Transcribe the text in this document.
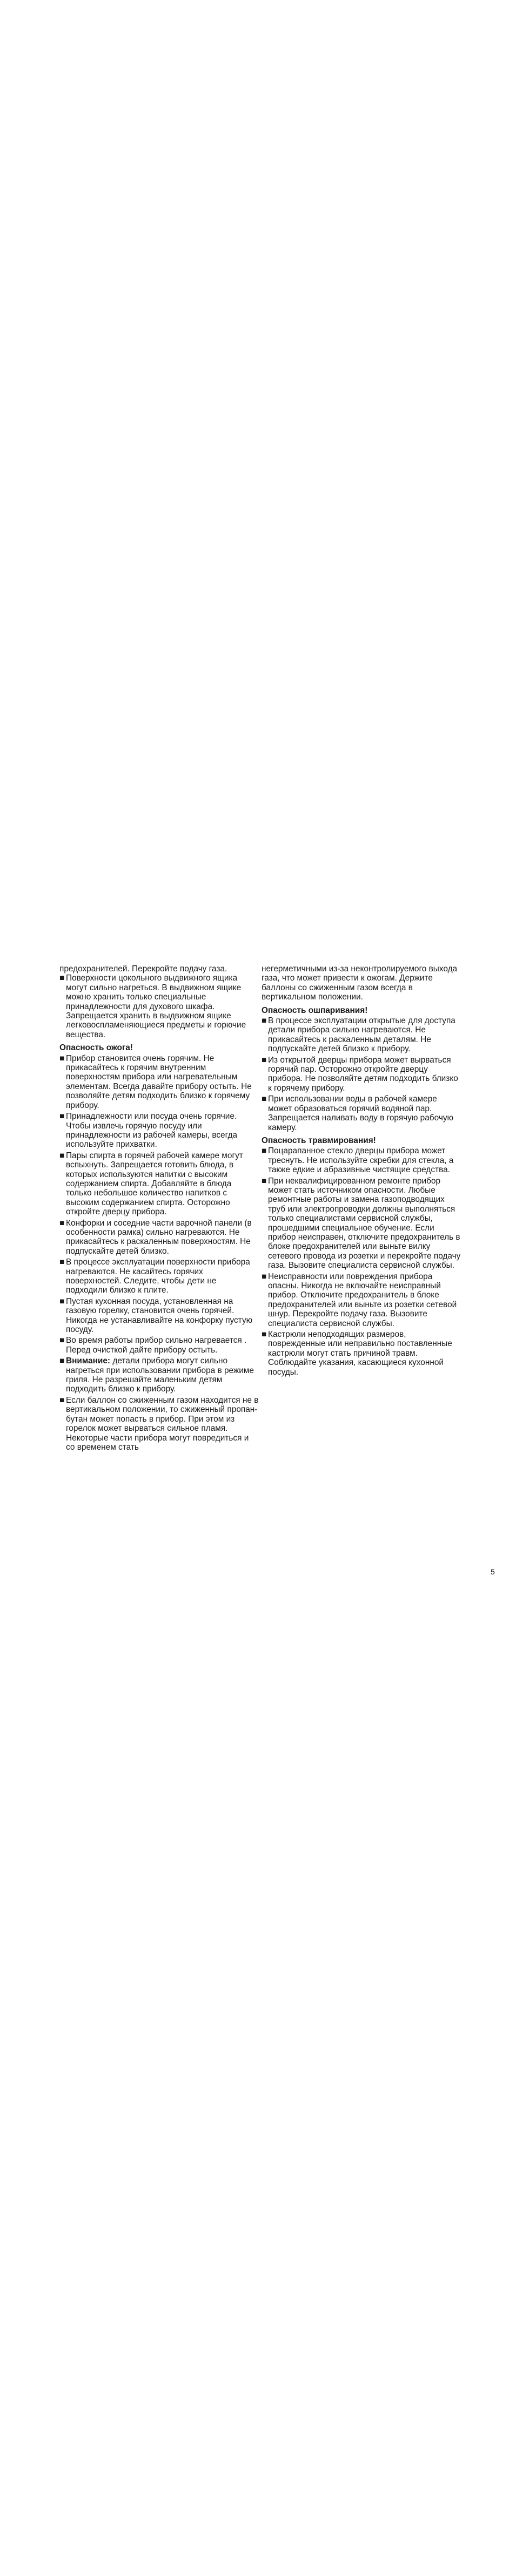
предохранителей. Перекройте подачу газа.

■ Поверхности цокольного выдвижного ящика могут сильно нагреться. В выдвижном ящике можно хранить только специальные принадлежности для духового шкафа. Запрещается хранить в выдвижном ящике легковоспламеняющиеся предметы и горючие вещества.

Опасность ожога!

■ Прибор становится очень горячим. Не прикасайтесь к горячим внутренним поверхностям прибора или нагревательным элементам. Всегда давайте прибору остыть. Не позволяйте детям подходить близко к горячему прибору.
■ Принадлежности или посуда очень горячие. Чтобы извлечь горячую посуду или принадлежности из рабочей камеры, всегда используйте прихватки.
■ Пары спирта в горячей рабочей камере могут вспыхнуть. Запрещается готовить блюда, в которых используются напитки с высоким содержанием спирта. Добавляйте в блюда только небольшое количество напитков с высоким содержанием спирта. Осторожно откройте дверцу прибора.
■ Конфорки и соседние части варочной панели (в особенности рамка) сильно нагреваются. Не прикасайтесь к раскаленным поверхностям. Не подпускайте детей близко.
■ В процессе эксплуатации поверхности прибора нагреваются. Не касайтесь горячих поверхностей. Следите, чтобы дети не подходили близко к плите.
■ Пустая кухонная посуда, установленная на газовую горелку, становится очень горячей. Никогда не устанавливайте на конфорку пустую посуду.
■ Во время работы прибор сильно нагревается . Перед очисткой дайте прибору остыть.
■ Внимание: детали прибора могут сильно нагреться при использовании прибора в режиме гриля. Не разрешайте маленьким детям подходить близко к прибору.
■ Если баллон со сжиженным газом находится не в вертикальном положении, то сжиженный пропан-бутан может попасть в прибор. При этом из горелок может вырваться сильное пламя. Некоторые части прибора могут повредиться и со временем стать

негерметичными из-за неконтролируемого выхода газа, что может привести к ожогам. Держите баллоны со сжиженным газом всегда в вертикальном положении.

Опасность ошпаривания!

■ В процессе эксплуатации открытые для доступа детали прибора сильно нагреваются. Не прикасайтесь к раскаленным деталям. Не подпускайте детей близко к прибору.
■ Из открытой дверцы прибора может вырваться горячий пар. Осторожно откройте дверцу прибора. Не позволяйте детям подходить близко к горячему прибору.
■ При использовании воды в рабочей камере может образоваться горячий водяной пар. Запрещается наливать воду в горячую рабочую камеру.

Опасность травмирования!

■ Поцарапанное стекло дверцы прибора может треснуть. Не используйте скребки для стекла, а также едкие и абразивные чистящие средства.
■ При неквалифицированном ремонте прибор может стать источником опасности. Любые ремонтные работы и замена газоподводящих труб или электропроводки должны выполняться только специалистами сервисной службы, прошедшими специальное обучение. Если прибор неисправен, отключите предохранитель в блоке предохранителей или выньте вилку сетевого провода из розетки и перекройте подачу газа. Вызовите специалиста сервисной службы.
■ Неисправности или повреждения прибора опасны. Никогда не включайте неисправный прибор. Отключите предохранитель в блоке предохранителей или выньте из розетки сетевой шнур. Перекройте подачу газа. Вызовите специалиста сервисной службы.
■ Кастрюли неподходящих размеров, поврежденные или неправильно поставленные кастрюли могут стать причиной травм. Соблюдайте указания, касающиеся кухонной посуды.
5
